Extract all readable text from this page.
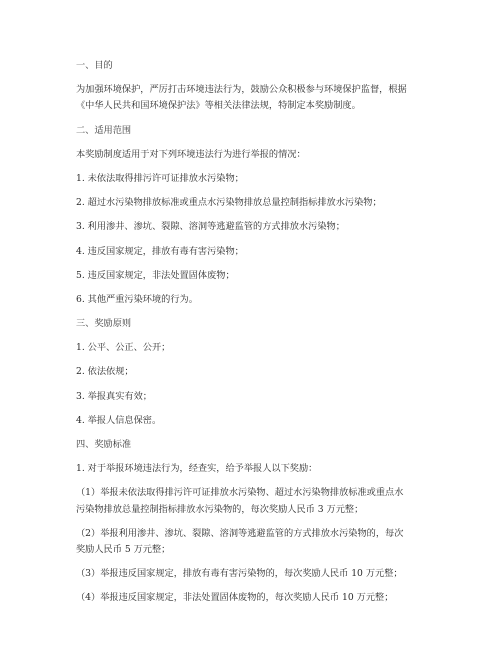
一、目的
为加强环境保护，严厉打击环境违法行为，鼓励公众积极参与环境保护监督，根据
《中华人民共和国环境保护法》等相关法律法规，特制定本奖励制度。
二、适用范围
本奖励制度适用于对下列环境违法行为进行举报的情况：
1. 未依法取得排污许可证排放水污染物；
2. 超过水污染物排放标准或重点水污染物排放总量控制指标排放水污染物；
3. 利用渗井、渗坑、裂隙、溶洞等逃避监管的方式排放水污染物；
4. 违反国家规定，排放有毒有害污染物；
5. 违反国家规定，非法处置固体废物；
6. 其他严重污染环境的行为。
三、奖励原则
1. 公平、公正、公开；
2. 依法依规；
3. 举报真实有效；
4. 举报人信息保密。
四、奖励标准
1. 对于举报环境违法行为，经查实，给予举报人以下奖励：
（1）举报未依法取得排污许可证排放水污染物、超过水污染物排放标准或重点水
污染物排放总量控制指标排放水污染物的，每次奖励人民币 3 万元整；
（2）举报利用渗井、渗坑、裂隙、溶洞等逃避监管的方式排放水污染物的，每次
奖励人民币 5 万元整；
（3）举报违反国家规定，排放有毒有害污染物的，每次奖励人民币 10 万元整；
（4）举报违反国家规定，非法处置固体废物的，每次奖励人民币 10 万元整；
